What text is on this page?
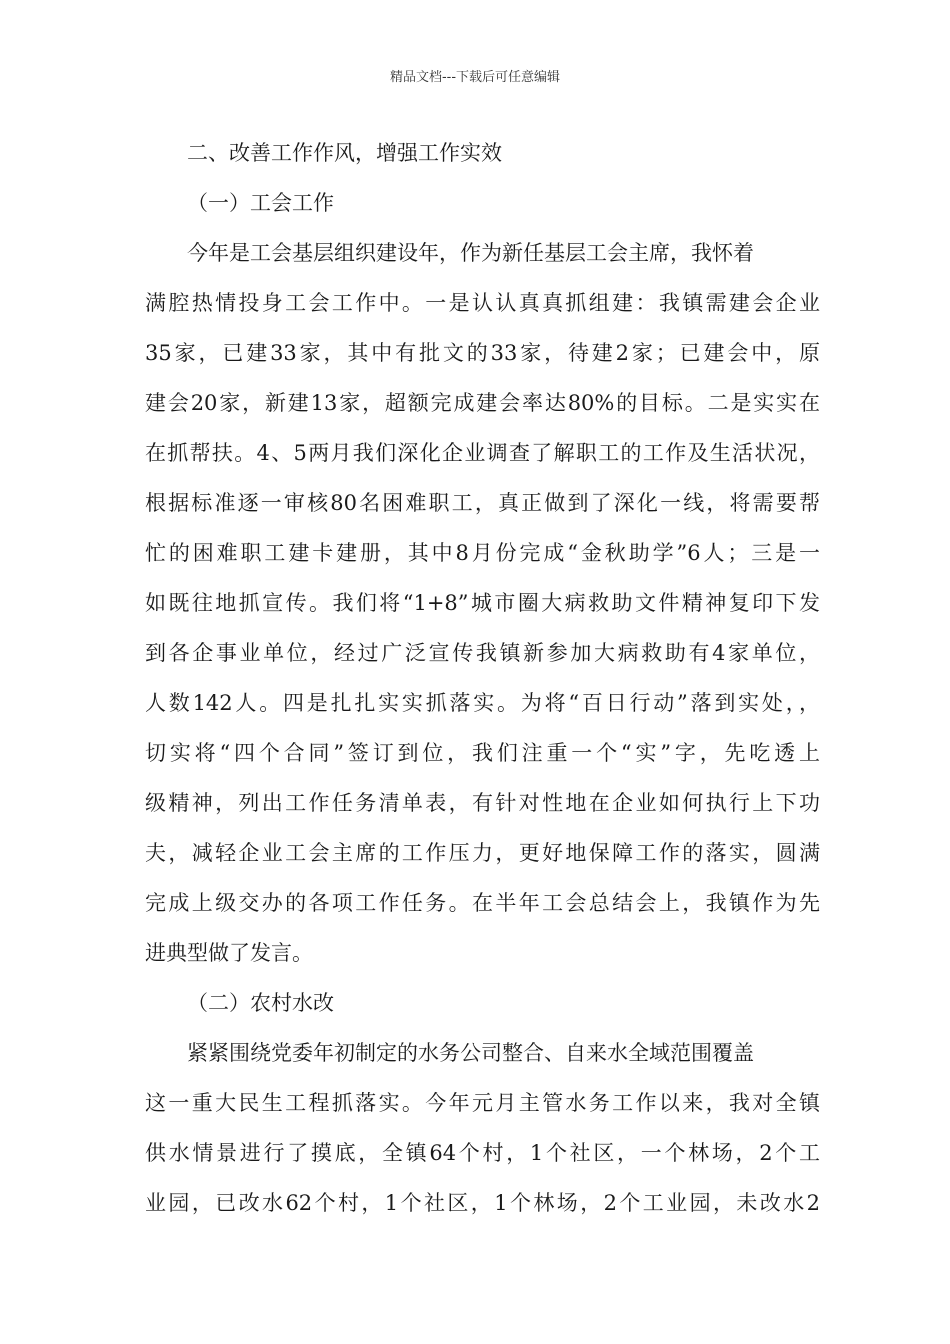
精品文档---下载后可任意编辑
二、改善工作作风，增强工作实效
（一）工会工作
今年是工会基层组织建设年，作为新任基层工会主席，我怀着
满腔热情投身工会工作中。一是认认真真抓组建：我镇需建会企业
35家，已建33家，其中有批文的33家，待建2家；已建会中，原
建会20家，新建13家，超额完成建会率达80%的目标。二是实实在
在抓帮扶。4、5两月我们深化企业调查了解职工的工作及生活状况，
根据标准逐一审核80名困难职工，真正做到了深化一线，将需要帮
忙的困难职工建卡建册，其中8月份完成“金秋助学”6人；三是一
如既往地抓宣传。我们将“1+8”城市圈大病救助文件精神复印下发
到各企事业单位，经过广泛宣传我镇新参加大病救助有4家单位，
人数142人。四是扎扎实实抓落实。为将“百日行动”落到实处，，
切实将“四个合同”签订到位，我们注重一个“实”字，先吃透上
级精神，列出工作任务清单表，有针对性地在企业如何执行上下功
夫，减轻企业工会主席的工作压力，更好地保障工作的落实，圆满
完成上级交办的各项工作任务。在半年工会总结会上，我镇作为先
进典型做了发言。
（二）农村水改
紧紧围绕党委年初制定的水务公司整合、自来水全域范围覆盖
这一重大民生工程抓落实。今年元月主管水务工作以来，我对全镇
供水情景进行了摸底，全镇64个村，1个社区，一个林场，2个工
业园，已改水62个村，1个社区，1个林场，2个工业园，未改水2
